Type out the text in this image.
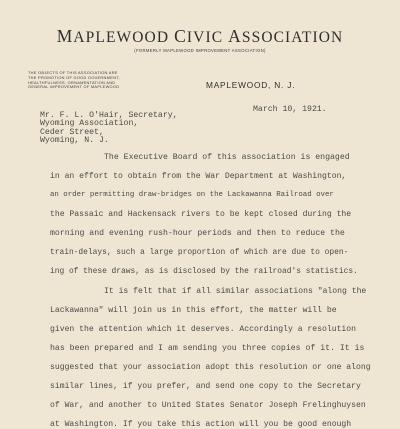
MAPLEWOOD CIVIC ASSOCIATION
(FORMERLY MAPLEWOOD IMPROVEMENT ASSOCIATION)
THE OBJECTS OF THIS ASSOCIATION ARE
THE PROMOTION OF GOOD GOVERNMENT,
HEALTHFULNESS, ORNAMENTATION AND
GENERAL IMPROVEMENT OF MAPLEWOOD	MAPLEWOOD, N. J.
March 10, 1921.
Mr. F. L. O'Hair, Secretary,
Wyoming Association,
Ceder Street,
Wyoming, N. J.
The Executive Board of this association is engaged
in an effort to obtain from the War Department at Washington,
an order permitting draw-bridges on the Lackawanna Railroad over
the Passaic and Hackensack rivers to be kept closed during the
morning and evening rush-hour periods and then to reduce the
train-delays, such a large proportion of which are due to open-
ing of these draws, as is disclosed by the railroad's statistics.
It is felt that if all similar associations "along the
Lackawanna" will join us in this effort, the matter will be
given the attention which it deserves. Accordingly a resolution
has been prepared and I am sending you three copies of it. It is
suggested that your association adopt this resolution or one along
similar lines, if you prefer, and send one copy to the Secretary
of War, and another to United States Senator Joseph Frelinghuysen
at Washington. If you take this action will you be good enough
